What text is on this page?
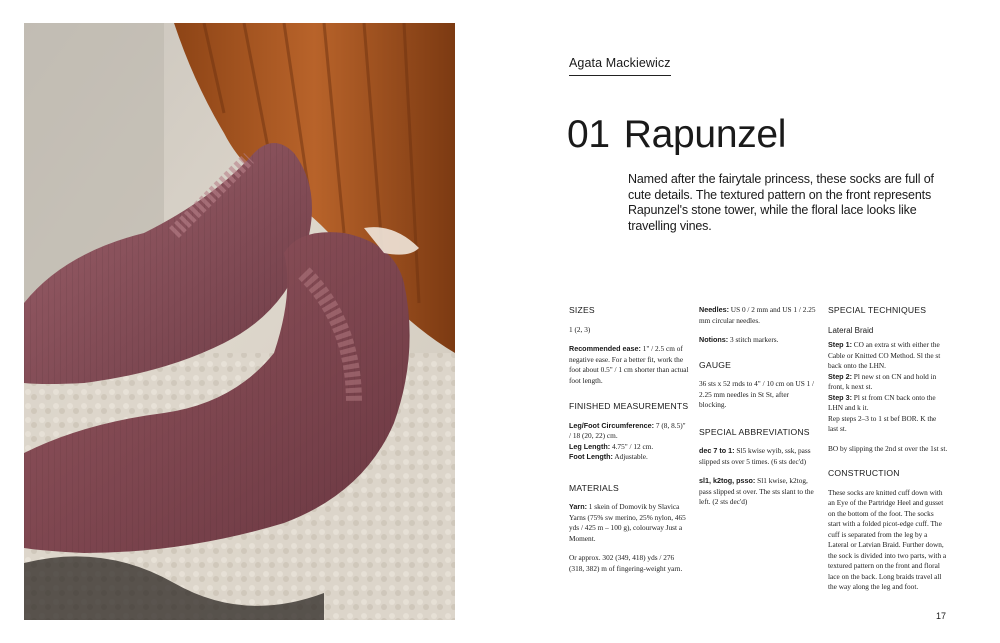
Agata Mackiewicz
01 Rapunzel
Named after the fairytale princess, these socks are full of cute details. The textured pattern on the front represents Rapunzel's stone tower, while the floral lace looks like travelling vines.
SIZES
1 (2, 3)
Recommended ease: 1" / 2.5 cm of negative ease. For a better fit, work the foot about 0.5" / 1 cm shorter than actual foot length.
FINISHED MEASUREMENTS
Leg/Foot Circumference: 7 (8, 8.5)" / 18 (20, 22) cm.
Leg Length: 4.75" / 12 cm.
Foot Length: Adjustable.
MATERIALS
Yarn: 1 skein of Domovik by Slavica Yarns (75% sw merino, 25% nylon, 465 yds / 425 m – 100 g), colourway Just a Moment.
Or approx. 302 (349, 418) yds / 276 (318, 382) m of fingering-weight yarn.
Needles: US 0 / 2 mm and US 1 / 2.25 mm circular needles.
Notions: 3 stitch markers.
GAUGE
36 sts x 52 rnds to 4" / 10 cm on US 1 / 2.25 mm needles in St St, after blocking.
SPECIAL ABBREVIATIONS
dec 7 to 1: Sl5 kwise wyib, ssk, pass slipped sts over 5 times. (6 sts dec'd)
sl1, k2tog, psso: Sl1 kwise, k2tog, pass slipped st over. The sts slant to the left. (2 sts dec'd)
SPECIAL TECHNIQUES
Lateral Braid
Step 1: CO an extra st with either the Cable or Knitted CO Method. Sl the st back onto the LHN.
Step 2: Pl new st on CN and hold in front, k next st.
Step 3: Pl st from CN back onto the LHN and k it.
Rep steps 2–3 to 1 st bef BOR. K the last st.
BO by slipping the 2nd st over the 1st st.
CONSTRUCTION
These socks are knitted cuff down with an Eye of the Partridge Heel and gusset on the bottom of the foot. The socks start with a folded picot-edge cuff. The cuff is separated from the leg by a Lateral or Latvian Braid. Further down, the sock is divided into two parts, with a textured pattern on the front and floral lace on the back. Long braids travel all the way along the leg and foot.
17
